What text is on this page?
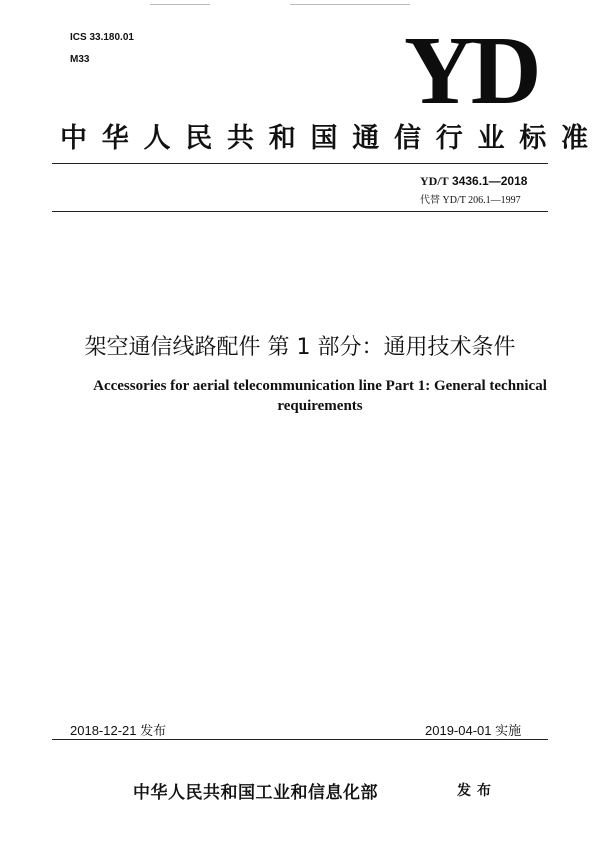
ICS 33.180.01
M33	YD
中华人民共和国通信行业标准
YD/T 3436.1—2018
代替 YD/T 206.1—1997
架空通信线路配件 第 1 部分：通用技术条件
Accessories for aerial telecommunication line Part 1: General technical
requirements
2018-12-21 发布	2019-04-01 实施
中华人民共和国工业和信息化部	发布
